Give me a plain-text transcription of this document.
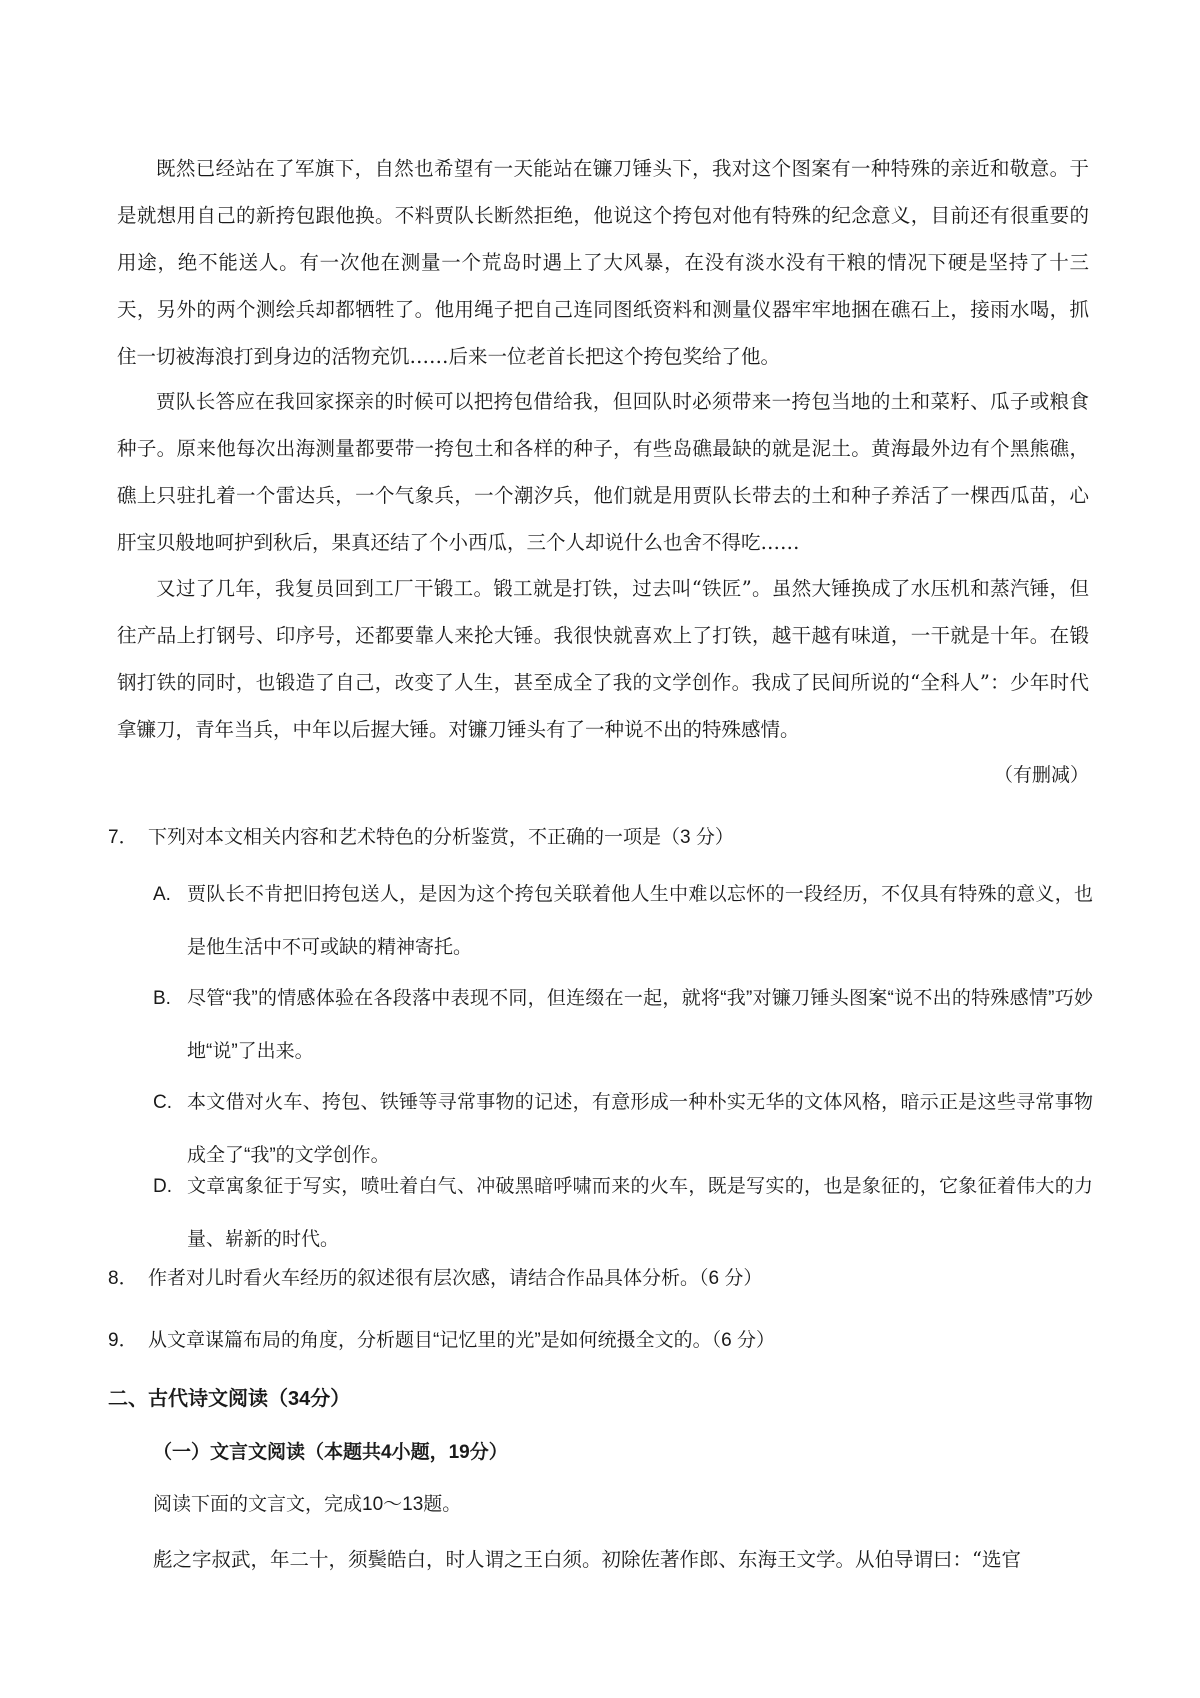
既然已经站在了军旗下，自然也希望有一天能站在镰刀锤头下，我对这个图案有一种特殊的亲近和敬意。于是就想用自己的新挎包跟他换。不料贾队长断然拒绝，他说这个挎包对他有特殊的纪念意义，目前还有很重要的用途，绝不能送人。有一次他在测量一个荒岛时遇上了大风暴，在没有淡水没有干粮的情况下硬是坚持了十三天，另外的两个测绘兵却都牺牲了。他用绳子把自己连同图纸资料和测量仪器牢牢地捆在礁石上，接雨水喝，抓住一切被海浪打到身边的活物充饥……后来一位老首长把这个挎包奖给了他。

贾队长答应在我回家探亲的时候可以把挎包借给我，但回队时必须带来一挎包当地的土和菜籽、瓜子或粮食种子。原来他每次出海测量都要带一挎包土和各样的种子，有些岛礁最缺的就是泥土。黄海最外边有个黑熊礁，礁上只驻扎着一个雷达兵，一个气象兵，一个潮汐兵，他们就是用贾队长带去的土和种子养活了一棵西瓜苗，心肝宝贝般地呵护到秋后，果真还结了个小西瓜，三个人却说什么也舍不得吃……

又过了几年，我复员回到工厂干锻工。锻工就是打铁，过去叫“铁匠”。虽然大锤换成了水压机和蒸汽锤，但往产品上打钢号、印序号，还都要靠人来抡大锤。我很快就喜欢上了打铁，越干越有味道，一干就是十年。在锻钢打铁的同时，也锻造了自己，改变了人生，甚至成全了我的文学创作。我成了民间所说的“全科人”：少年时代拿镰刀，青年当兵，中年以后握大锤。对镰刀锤头有了一种说不出的特殊感情。

（有删减）
7． 下列对本文相关内容和艺术特色的分析鉴赏，不正确的一项是（3 分）
A. 贾队长不肯把旧挎包送人，是因为这个挎包关联着他人生中难以忘怀的一段经历，不仅具有特殊的意义，也是他生活中不可或缺的精神寄托。
B. 尽管“我”的情感体验在各段落中表现不同，但连缀在一起，就将“我”对镰刀锤头图案“说不出的特殊感情”巧妙地“说”了出来。
C. 本文借对火车、挎包、铁锤等寻常事物的记述，有意形成一种朴实无华的文体风格，暗示正是这些寻常事物成全了“我”的文学创作。
D. 文章寓象征于写实，喷吐着白气、冲破黑暗呼啸而来的火车，既是写实的，也是象征的，它象征着伟大的力量、崭新的时代。
8． 作者对儿时看火车经历的叙述很有层次感，请结合作品具体分析。（6 分）
9． 从文章谋篇布局的角度，分析题目“记忆里的光”是如何统摄全文的。（6 分）
二、古代诗文阅读（34分）
（一）文言文阅读（本题共4小题，19分）
阅读下面的文言文，完成10～13题。
彪之字叔武，年二十，须鬓皓白，时人谓之王白须。初除佐著作郎、东海王文学。从伯导谓曰：“选官
